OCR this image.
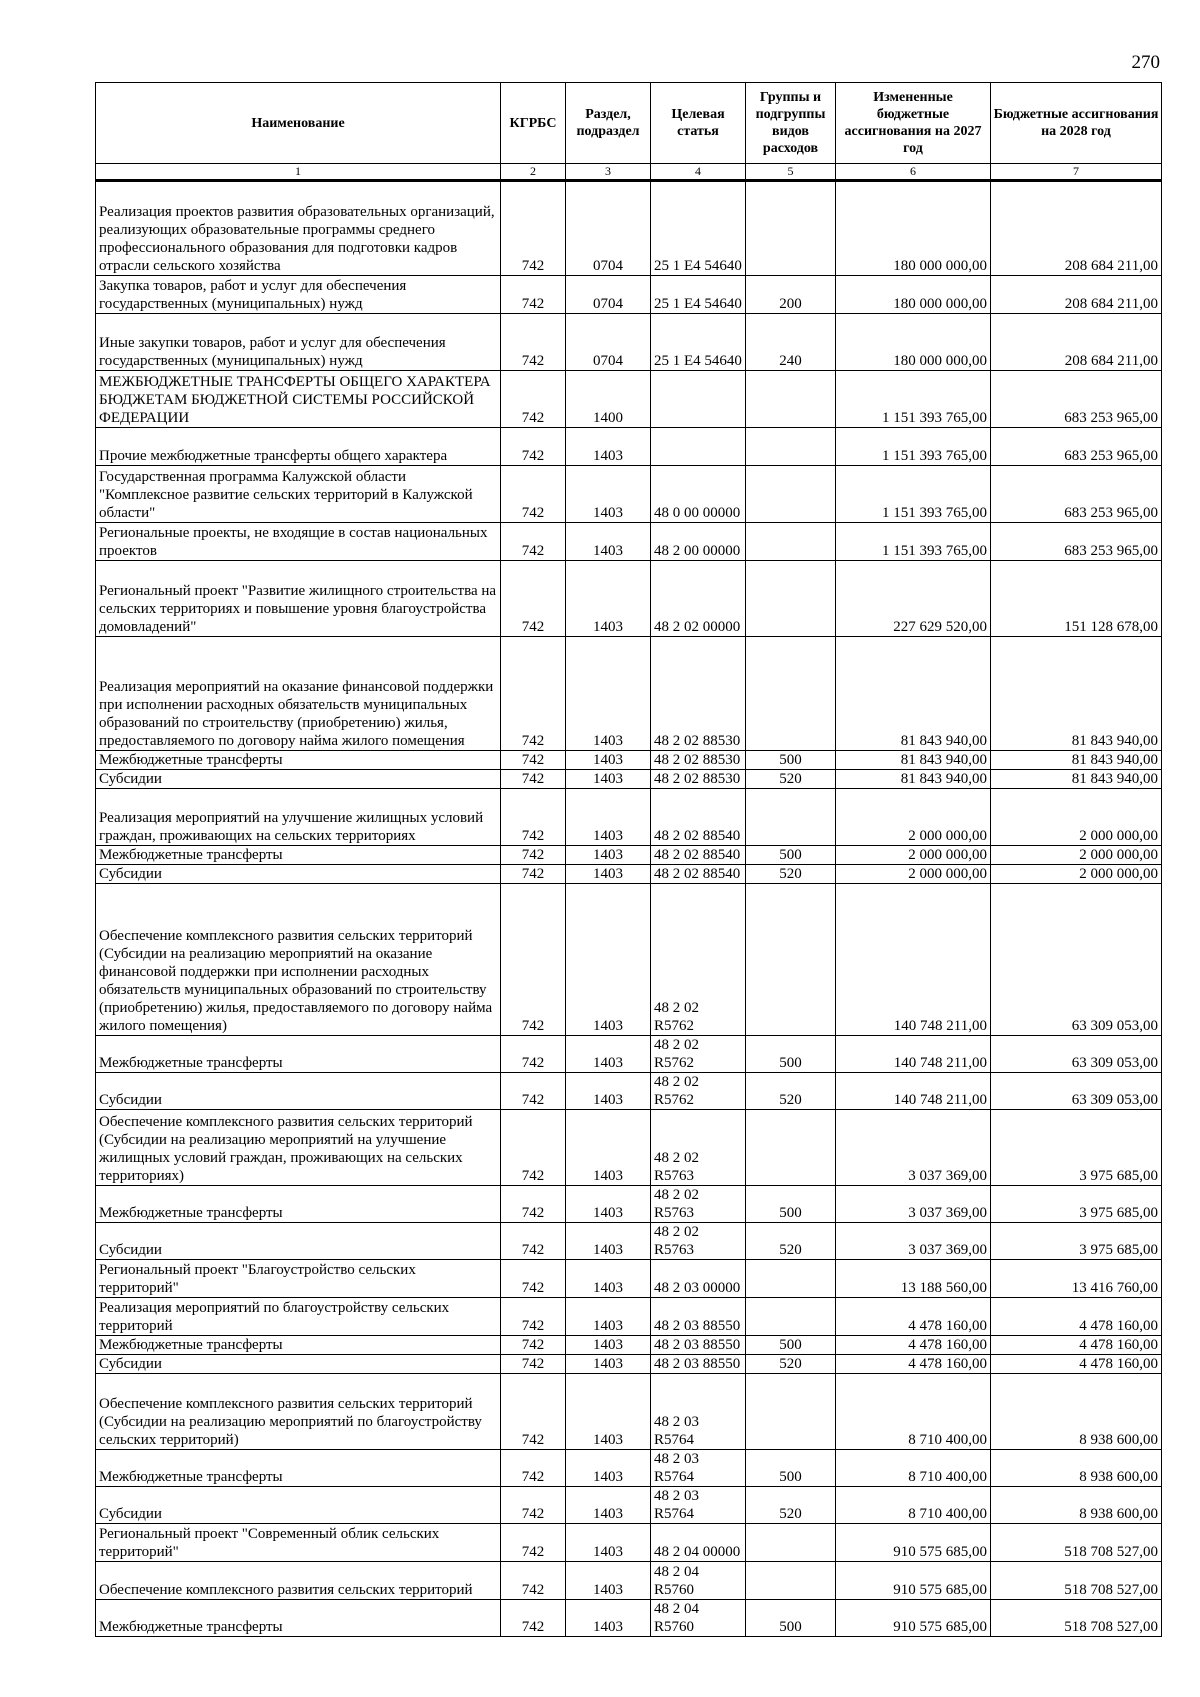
270
Наименование	КГРБС	Раздел, подраздел	Целевая статья	Группы и подгруппы видов расходов	Измененные бюджетные ассигнования на 2027 год	Бюджетные ассигнования на 2028 год
1	2	3	4	5	6	7
Реализация проектов развития образовательных организаций, реализующих образовательные программы среднего профессионального образования для подготовки кадров отрасли сельского хозяйства	742	0704	25 1 Е4 54640		180 000 000,00	208 684 211,00
Закупка товаров, работ и услуг для обеспечения государственных (муниципальных) нужд	742	0704	25 1 Е4 54640	200	180 000 000,00	208 684 211,00
Иные закупки товаров, работ и услуг для обеспечения государственных (муниципальных) нужд	742	0704	25 1 Е4 54640	240	180 000 000,00	208 684 211,00
МЕЖБЮДЖЕТНЫЕ ТРАНСФЕРТЫ ОБЩЕГО ХАРАКТЕРА БЮДЖЕТАМ БЮДЖЕТНОЙ СИСТЕМЫ РОССИЙСКОЙ ФЕДЕРАЦИИ	742	1400			1 151 393 765,00	683 253 965,00
Прочие межбюджетные трансферты общего характера	742	1403			1 151 393 765,00	683 253 965,00
Государственная программа Калужской области "Комплексное развитие сельских территорий в Калужской области"	742	1403	48 0 00 00000		1 151 393 765,00	683 253 965,00
Региональные проекты, не входящие в состав национальных проектов	742	1403	48 2 00 00000		1 151 393 765,00	683 253 965,00
Региональный проект "Развитие жилищного строительства на сельских территориях и повышение уровня благоустройства домовладений"	742	1403	48 2 02 00000		227 629 520,00	151 128 678,00
Реализация мероприятий на оказание финансовой поддержки при исполнении расходных обязательств муниципальных образований по строительству (приобретению) жилья, предоставляемого по договору найма жилого помещения	742	1403	48 2 02 88530		81 843 940,00	81 843 940,00
Межбюджетные трансферты	742	1403	48 2 02 88530	500	81 843 940,00	81 843 940,00
Субсидии	742	1403	48 2 02 88530	520	81 843 940,00	81 843 940,00
Реализация мероприятий на улучшение жилищных условий граждан, проживающих на сельских территориях	742	1403	48 2 02 88540		2 000 000,00	2 000 000,00
Межбюджетные трансферты	742	1403	48 2 02 88540	500	2 000 000,00	2 000 000,00
Субсидии	742	1403	48 2 02 88540	520	2 000 000,00	2 000 000,00
Обеспечение комплексного развития сельских территорий (Субсидии на реализацию мероприятий на оказание финансовой поддержки при исполнении расходных обязательств муниципальных образований по строительству (приобретению) жилья, предоставляемого по договору найма жилого помещения)	742	1403	48 2 02 R5762		140 748 211,00	63 309 053,00
Межбюджетные трансферты	742	1403	48 2 02 R5762	500	140 748 211,00	63 309 053,00
Субсидии	742	1403	48 2 02 R5762	520	140 748 211,00	63 309 053,00
Обеспечение комплексного развития сельских территорий (Субсидии на реализацию мероприятий на улучшение жилищных условий граждан, проживающих на сельских территориях)	742	1403	48 2 02 R5763		3 037 369,00	3 975 685,00
Межбюджетные трансферты	742	1403	48 2 02 R5763	500	3 037 369,00	3 975 685,00
Субсидии	742	1403	48 2 02 R5763	520	3 037 369,00	3 975 685,00
Региональный проект "Благоустройство сельских территорий"	742	1403	48 2 03 00000		13 188 560,00	13 416 760,00
Реализация мероприятий по благоустройству сельских территорий	742	1403	48 2 03 88550		4 478 160,00	4 478 160,00
Межбюджетные трансферты	742	1403	48 2 03 88550	500	4 478 160,00	4 478 160,00
Субсидии	742	1403	48 2 03 88550	520	4 478 160,00	4 478 160,00
Обеспечение комплексного развития сельских территорий (Субсидии на реализацию мероприятий по благоустройству сельских территорий)	742	1403	48 2 03 R5764		8 710 400,00	8 938 600,00
Межбюджетные трансферты	742	1403	48 2 03 R5764	500	8 710 400,00	8 938 600,00
Субсидии	742	1403	48 2 03 R5764	520	8 710 400,00	8 938 600,00
Региональный проект "Современный облик сельских территорий"	742	1403	48 2 04 00000		910 575 685,00	518 708 527,00
Обеспечение комплексного развития сельских территорий	742	1403	48 2 04 R5760		910 575 685,00	518 708 527,00
Межбюджетные трансферты	742	1403	48 2 04 R5760	500	910 575 685,00	518 708 527,00
